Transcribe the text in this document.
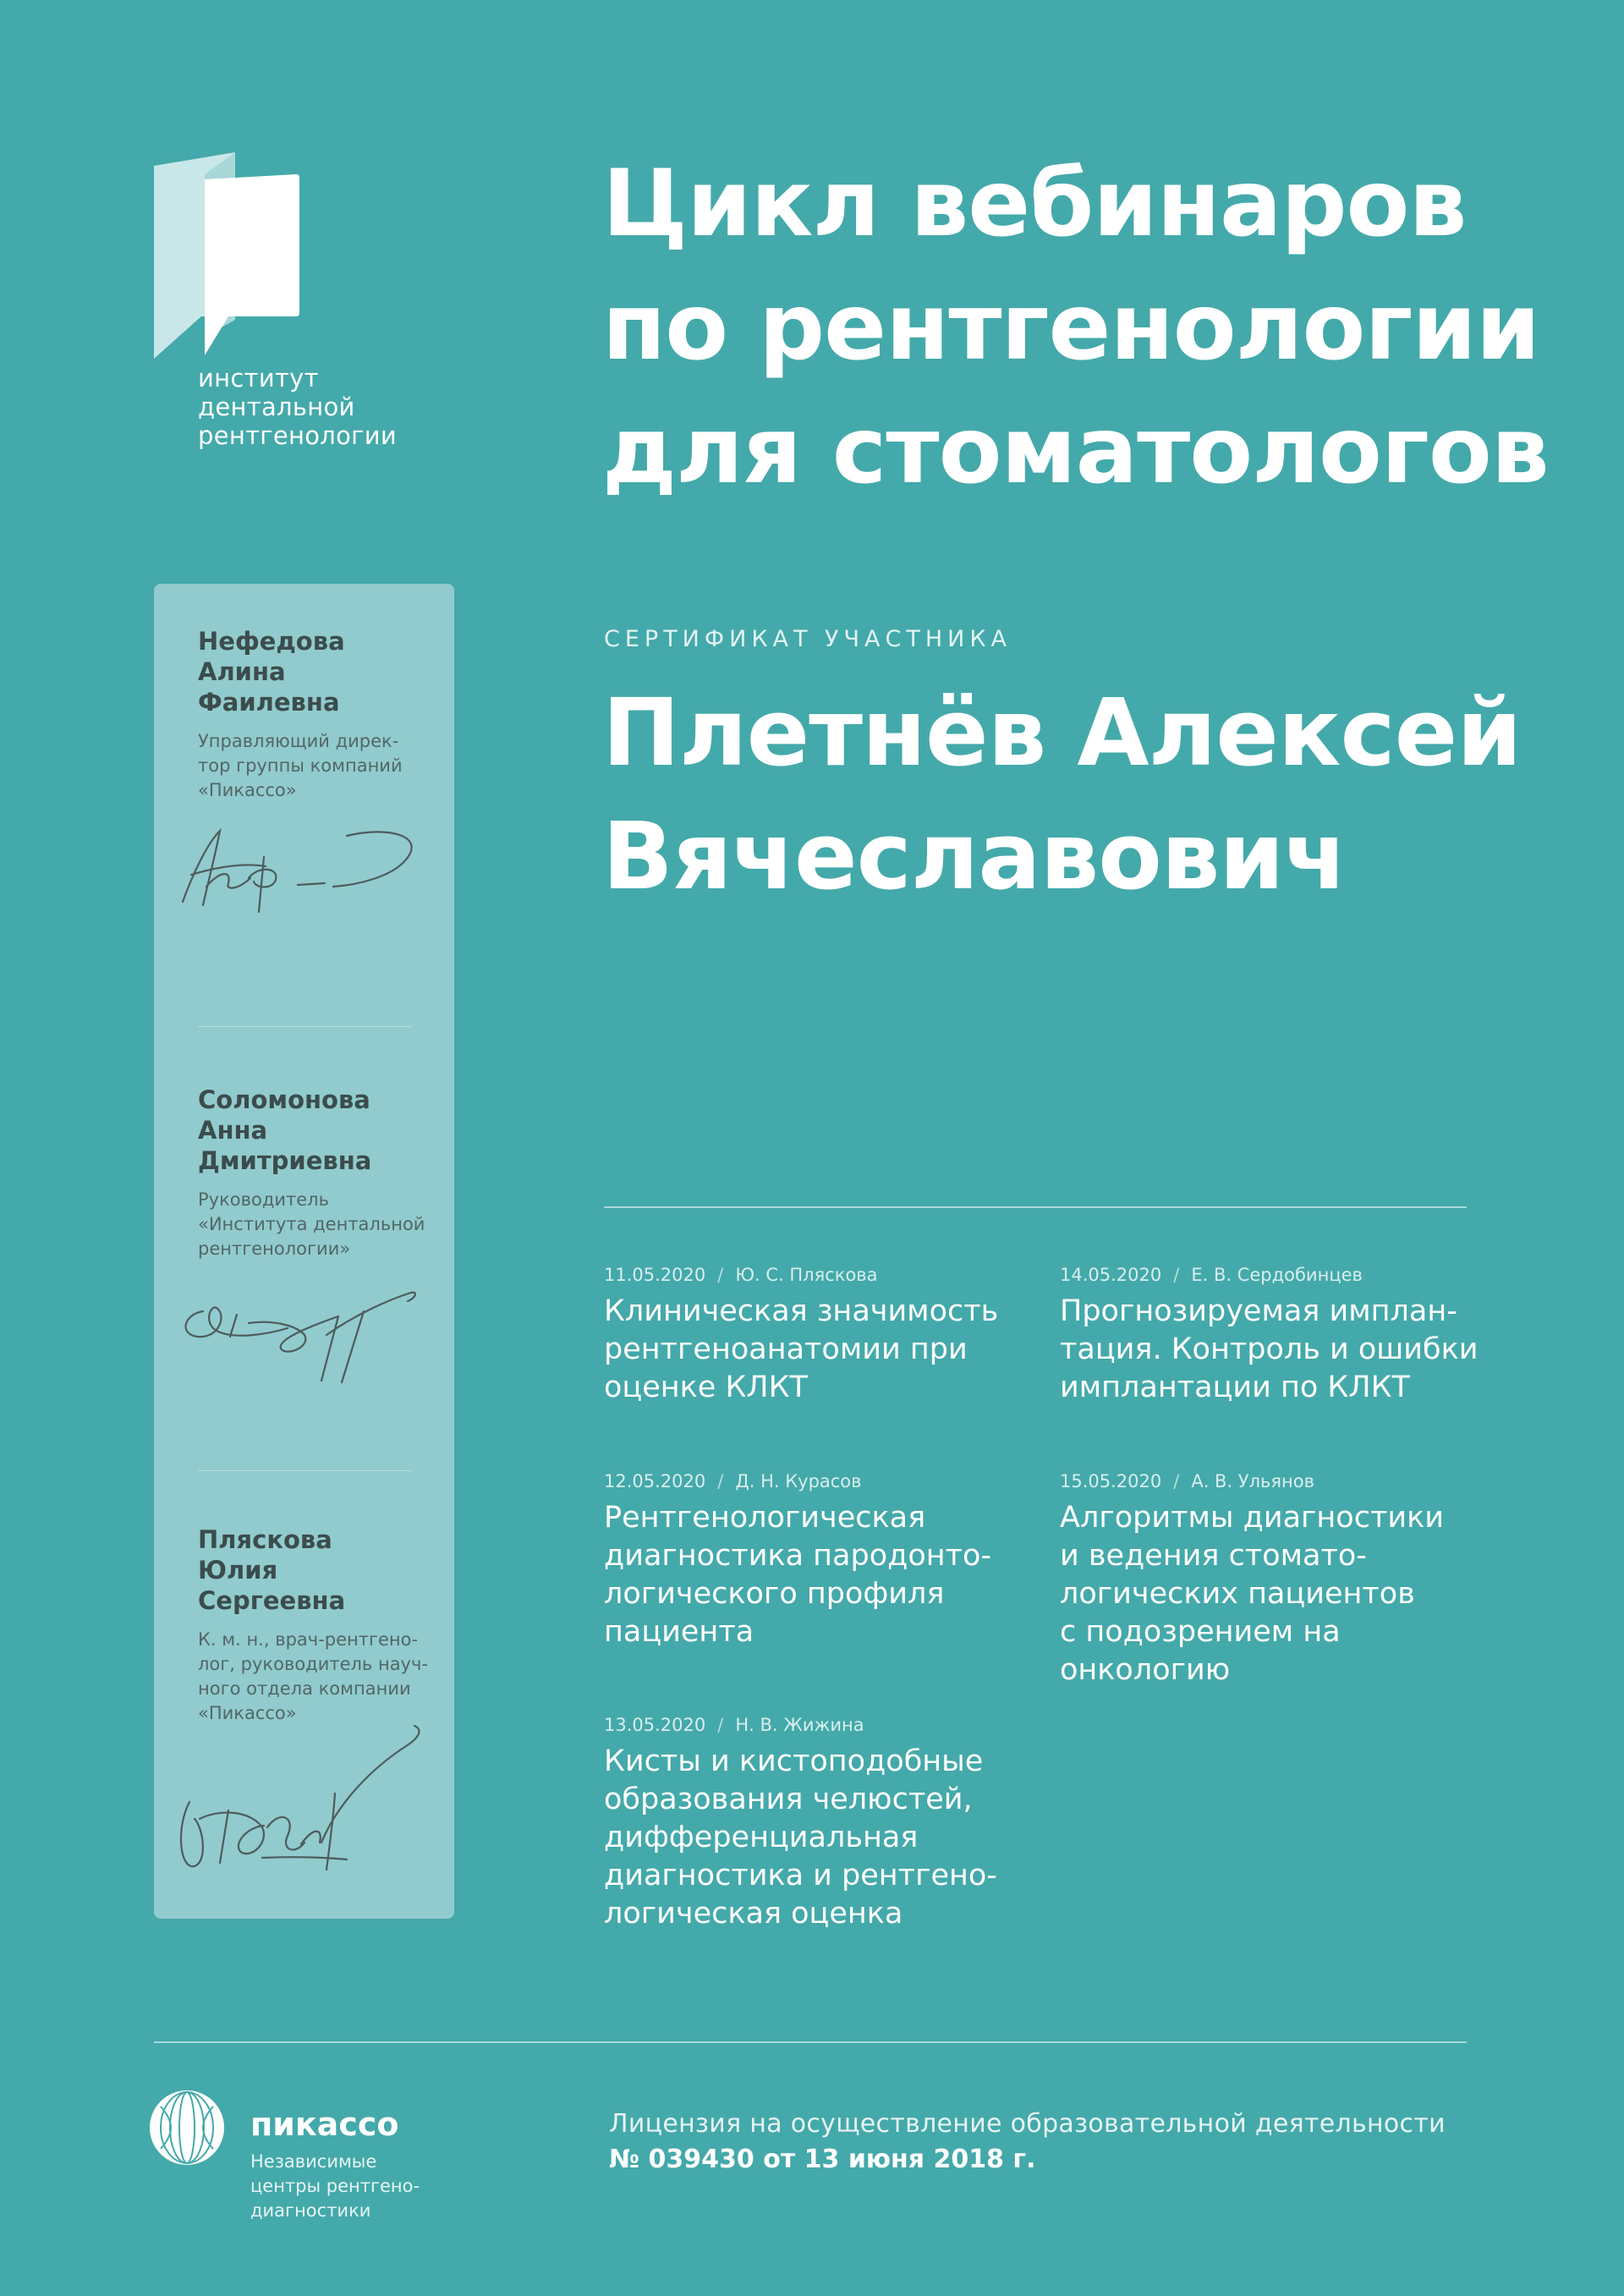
институт
дентальной
рентгенологии
Цикл вебинаров
по рентгенологии
для стоматологов
СЕРТИФИКАТ УЧАСТНИКА
Плетнёв Алексей
Вячеславович
Нефедова
Алина
Фаилевна
Управляющий дирек-
тор группы компаний
«Пикассо»
Соломонова
Анна
Дмитриевна
Руководитель
«Института дентальной
рентгенологии»
Пляскова
Юлия
Сергеевна
К. м. н., врач-рентгено-
лог, руководитель науч-
ного отдела компании
«Пикассо»
11.05.2020 / Ю. С. Пляскова
Клиническая значимость
рентгеноанатомии при
оценке КЛКТ
14.05.2020 / Е. В. Сердобинцев
Прогнозируемая имплан-
тация. Контроль и ошибки
имплантации по КЛКТ
12.05.2020 / Д. Н. Курасов
Рентгенологическая
диагностика пародонто-
логического профиля
пациента
15.05.2020 / А. В. Ульянов
Алгоритмы диагностики
и ведения стомато-
логических пациентов
с подозрением на
онкологию
13.05.2020 / Н. В. Жижина
Кисты и кистоподобные
образования челюстей,
дифференциальная
диагностика и рентгено-
логическая оценка
пикассо
Независимые
центры рентгено-
диагностики
Лицензия на осуществление образовательной деятельности
№ 039430 от 13 июня 2018 г.
